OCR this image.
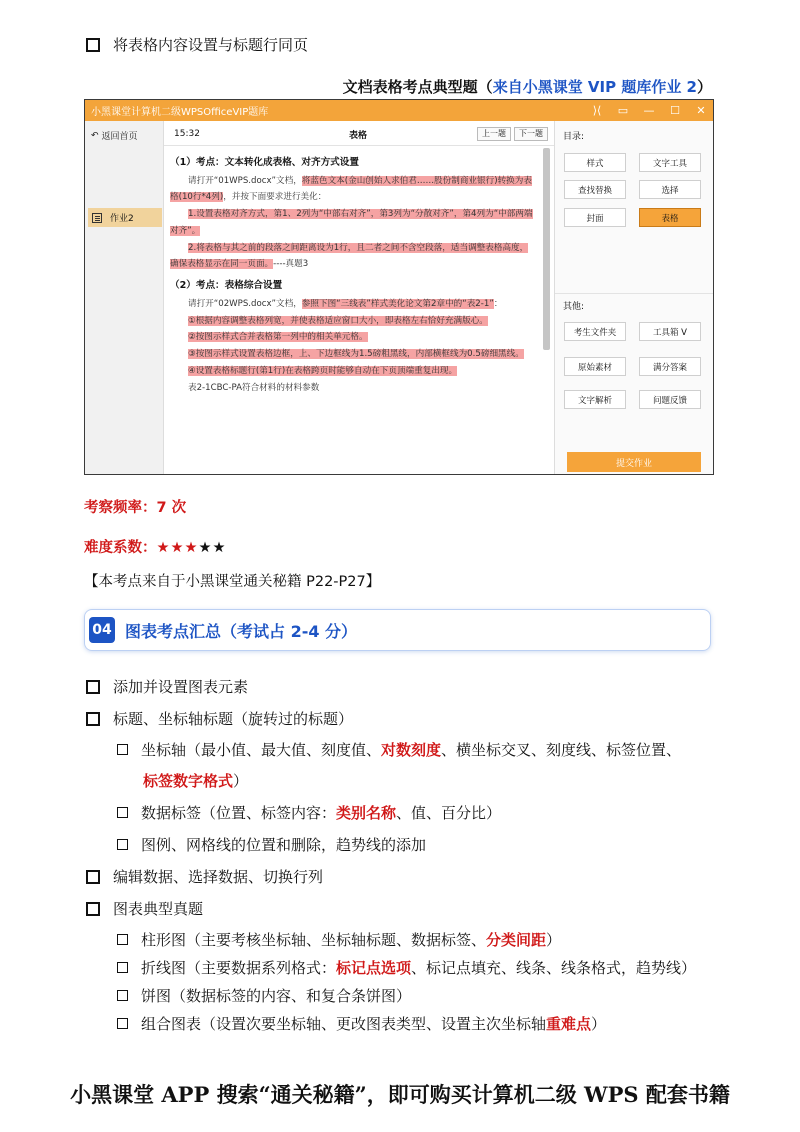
将表格内容设置与标题行同页
文档表格考点典型题（来自小黑课堂 VIP 题库作业 2）
小黑课堂计算机二级WPSOfficeVIP题库	⟩⟨ ▭ — ☐ ✕
↶ 返回首页
作业2
15:32	表格	上一题	下一题

（1）考点：文本转化成表格、对齐方式设置

请打开“01WPS.docx”文档，将蓝色文本(金山创始人求伯君……股份制商业银行)转换为表格(10行*4列)，并按下面要求进行美化：

1.设置表格对齐方式，第1、2列为“中部右对齐”，第3列为“分散对齐”，第4列为“中部两端对齐”。

2.将表格与其之前的段落之间距离设为1行，且二者之间不含空段落，适当调整表格高度，确保表格显示在同一页面。----真题3

（2）考点：表格综合设置

请打开“02WPS.docx”文档，参照下图“三线表”样式美化论文第2章中的“表2-1”：

①根据内容调整表格列宽，并使表格适应窗口大小，即表格左右恰好充满版心。

②按图示样式合并表格第一列中的相关单元格。

③按图示样式设置表格边框，上、下边框线为1.5磅粗黑线，内部横框线为0.5磅细黑线。

④设置表格标题行(第1行)在表格跨页时能够自动在下页顶端重复出现。

表2-1CBC-PA符合材料的材料参数

目录:
样式	文字工具
查找替换	选择
封面	表格
其他:
考生文件夹	工具箱 V
原始素材	满分答案
文字解析	问题反馈
提交作业
考察频率：7 次
难度系数：★★★★★
【本考点来自于小黑课堂通关秘籍 P22-P27】
04 图表考点汇总（考试占 2-4 分）
添加并设置图表元素
标题、坐标轴标题（旋转过的标题）
坐标轴（最小值、最大值、刻度值、 对数刻度 、横坐标交叉、刻度线、标签位置、
标签数字格式 ）
数据标签（位置、标签内容： 类别名称 、值、百分比）
图例、网格线的位置和删除，趋势线的添加
编辑数据、选择数据、切换行列
图表典型真题
柱形图（主要考核坐标轴、坐标轴标题、数据标签、 分类间距 ）
折线图（主要数据系列格式： 标记点选项 、标记点填充、线条、线条格式，趋势线）
饼图（数据标签的内容、和复合条饼图）
组合图表（设置次要坐标轴、更改图表类型、设置主次坐标轴 重难点 ）
小黑课堂 APP 搜索“通关秘籍”，即可购买计算机二级 WPS 配套书籍
